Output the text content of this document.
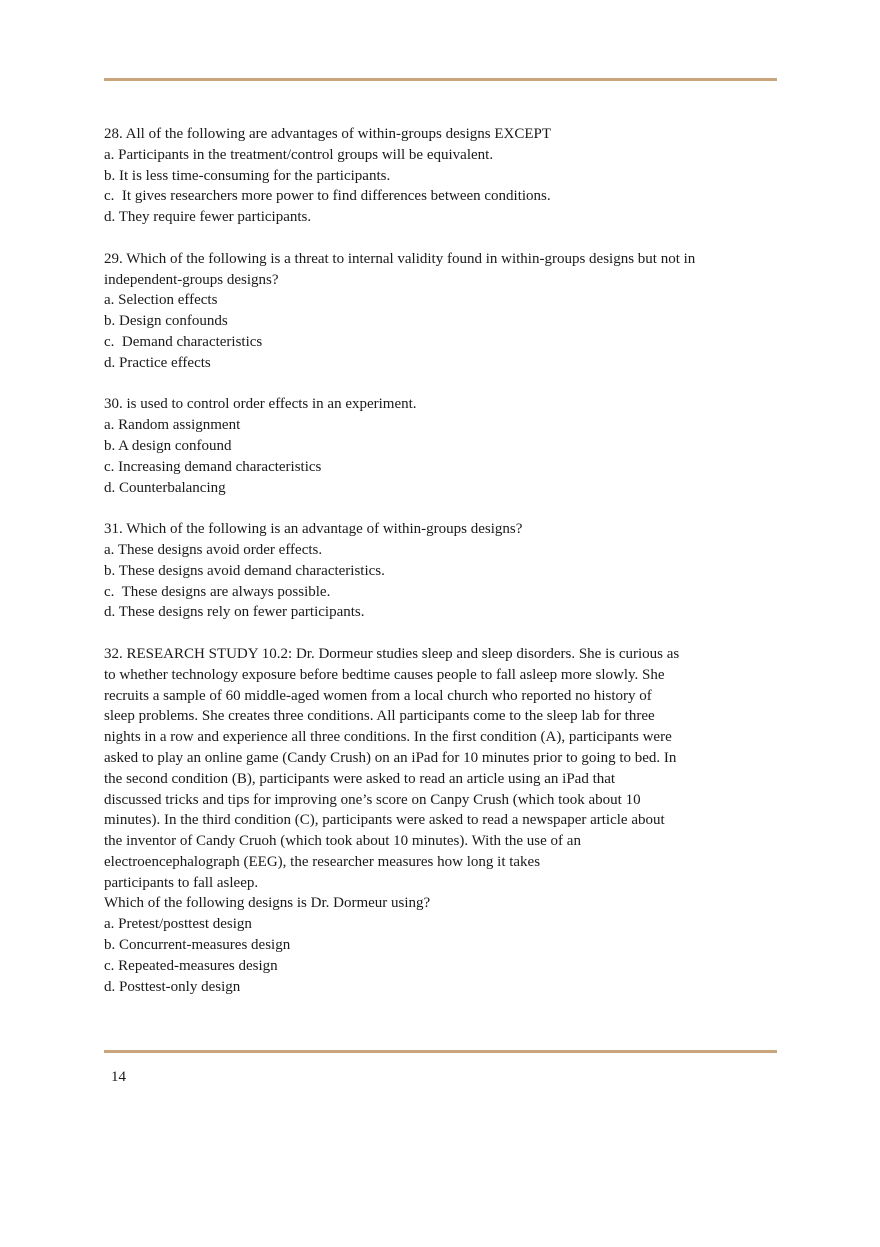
28. All of the following are advantages of within-groups designs EXCEPT

a. Participants in the treatment/control groups will be equivalent.

b. It is less time-consuming for the participants.

c.  It gives researchers more power to find differences between conditions.

d. They require fewer participants.

29. Which of the following is a threat to internal validity found in within-groups designs but not in

independent-groups designs?

a. Selection effects

b. Design confounds

c.  Demand characteristics

d. Practice effects

30. is used to control order effects in an experiment.

a. Random assignment

b. A design confound

c. Increasing demand characteristics

d. Counterbalancing

31. Which of the following is an advantage of within-groups designs?

a. These designs avoid order effects.

b. These designs avoid demand characteristics.

c.  These designs are always possible.

d. These designs rely on fewer participants.

32. RESEARCH STUDY 10.2: Dr. Dormeur studies sleep and sleep disorders. She is curious as

to whether technology exposure before bedtime causes people to fall asleep more slowly. She

recruits a sample of 60 middle-aged women from a local church who reported no history of

sleep problems. She creates three conditions. All participants come to the sleep lab for three

nights in a row and experience all three conditions. In the first condition (A), participants were

asked to play an online game (Candy Crush) on an iPad for 10 minutes prior to going to bed. In

the second condition (B), participants were asked to read an article using an iPad that

discussed tricks and tips for improving one’s score on Canpy Crush (which took about 10

minutes). In the third condition (C), participants were asked to read a newspaper article about

the inventor of Candy Cruoh (which took about 10 minutes). With the use of an

electroencephalograph (EEG), the researcher measures how long it takes

participants to fall asleep.

Which of the following designs is Dr. Dormeur using?

a. Pretest/posttest design

b. Concurrent-measures design

c. Repeated-measures design

d. Posttest-only design

14
